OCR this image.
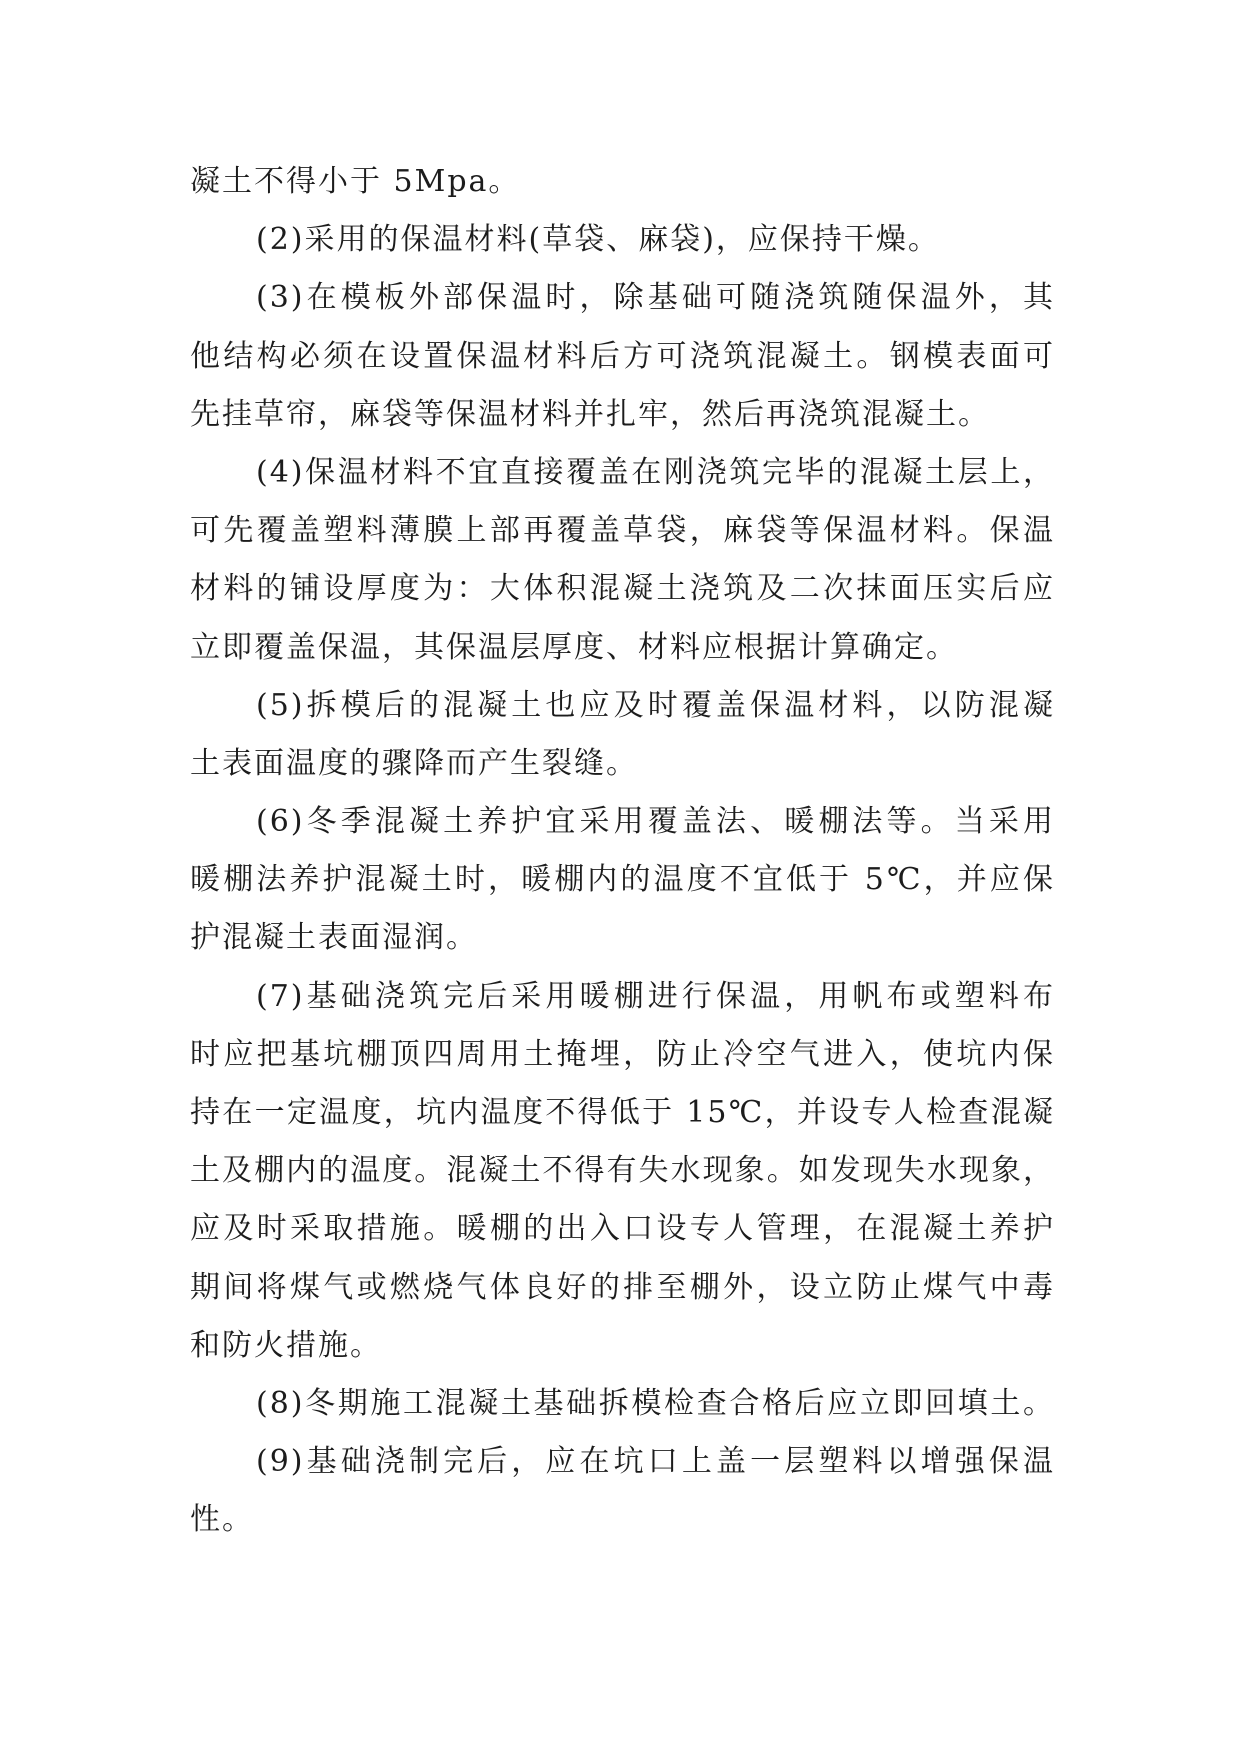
凝土不得小于 5Mpa。
(2)采用的保温材料(草袋、麻袋)，应保持干燥。
(3)在模板外部保温时，除基础可随浇筑随保温外，其
他结构必须在设置保温材料后方可浇筑混凝土。钢模表面可
先挂草帘，麻袋等保温材料并扎牢，然后再浇筑混凝土。
(4)保温材料不宜直接覆盖在刚浇筑完毕的混凝土层上，
可先覆盖塑料薄膜上部再覆盖草袋，麻袋等保温材料。保温
材料的铺设厚度为：大体积混凝土浇筑及二次抹面压实后应
立即覆盖保温，其保温层厚度、材料应根据计算确定。
(5)拆模后的混凝土也应及时覆盖保温材料，以防混凝
土表面温度的骤降而产生裂缝。
(6)冬季混凝土养护宜采用覆盖法、暖棚法等。当采用
暖棚法养护混凝土时，暖棚内的温度不宜低于 5℃，并应保
护混凝土表面湿润。
(7)基础浇筑完后采用暖棚进行保温，用帆布或塑料布
时应把基坑棚顶四周用土掩埋，防止冷空气进入，使坑内保
持在一定温度，坑内温度不得低于 15℃，并设专人检查混凝
土及棚内的温度。混凝土不得有失水现象。如发现失水现象，
应及时采取措施。暖棚的出入口设专人管理，在混凝土养护
期间将煤气或燃烧气体良好的排至棚外，设立防止煤气中毒
和防火措施。
(8)冬期施工混凝土基础拆模检查合格后应立即回填土。
(9)基础浇制完后，应在坑口上盖一层塑料以增强保温
性。
